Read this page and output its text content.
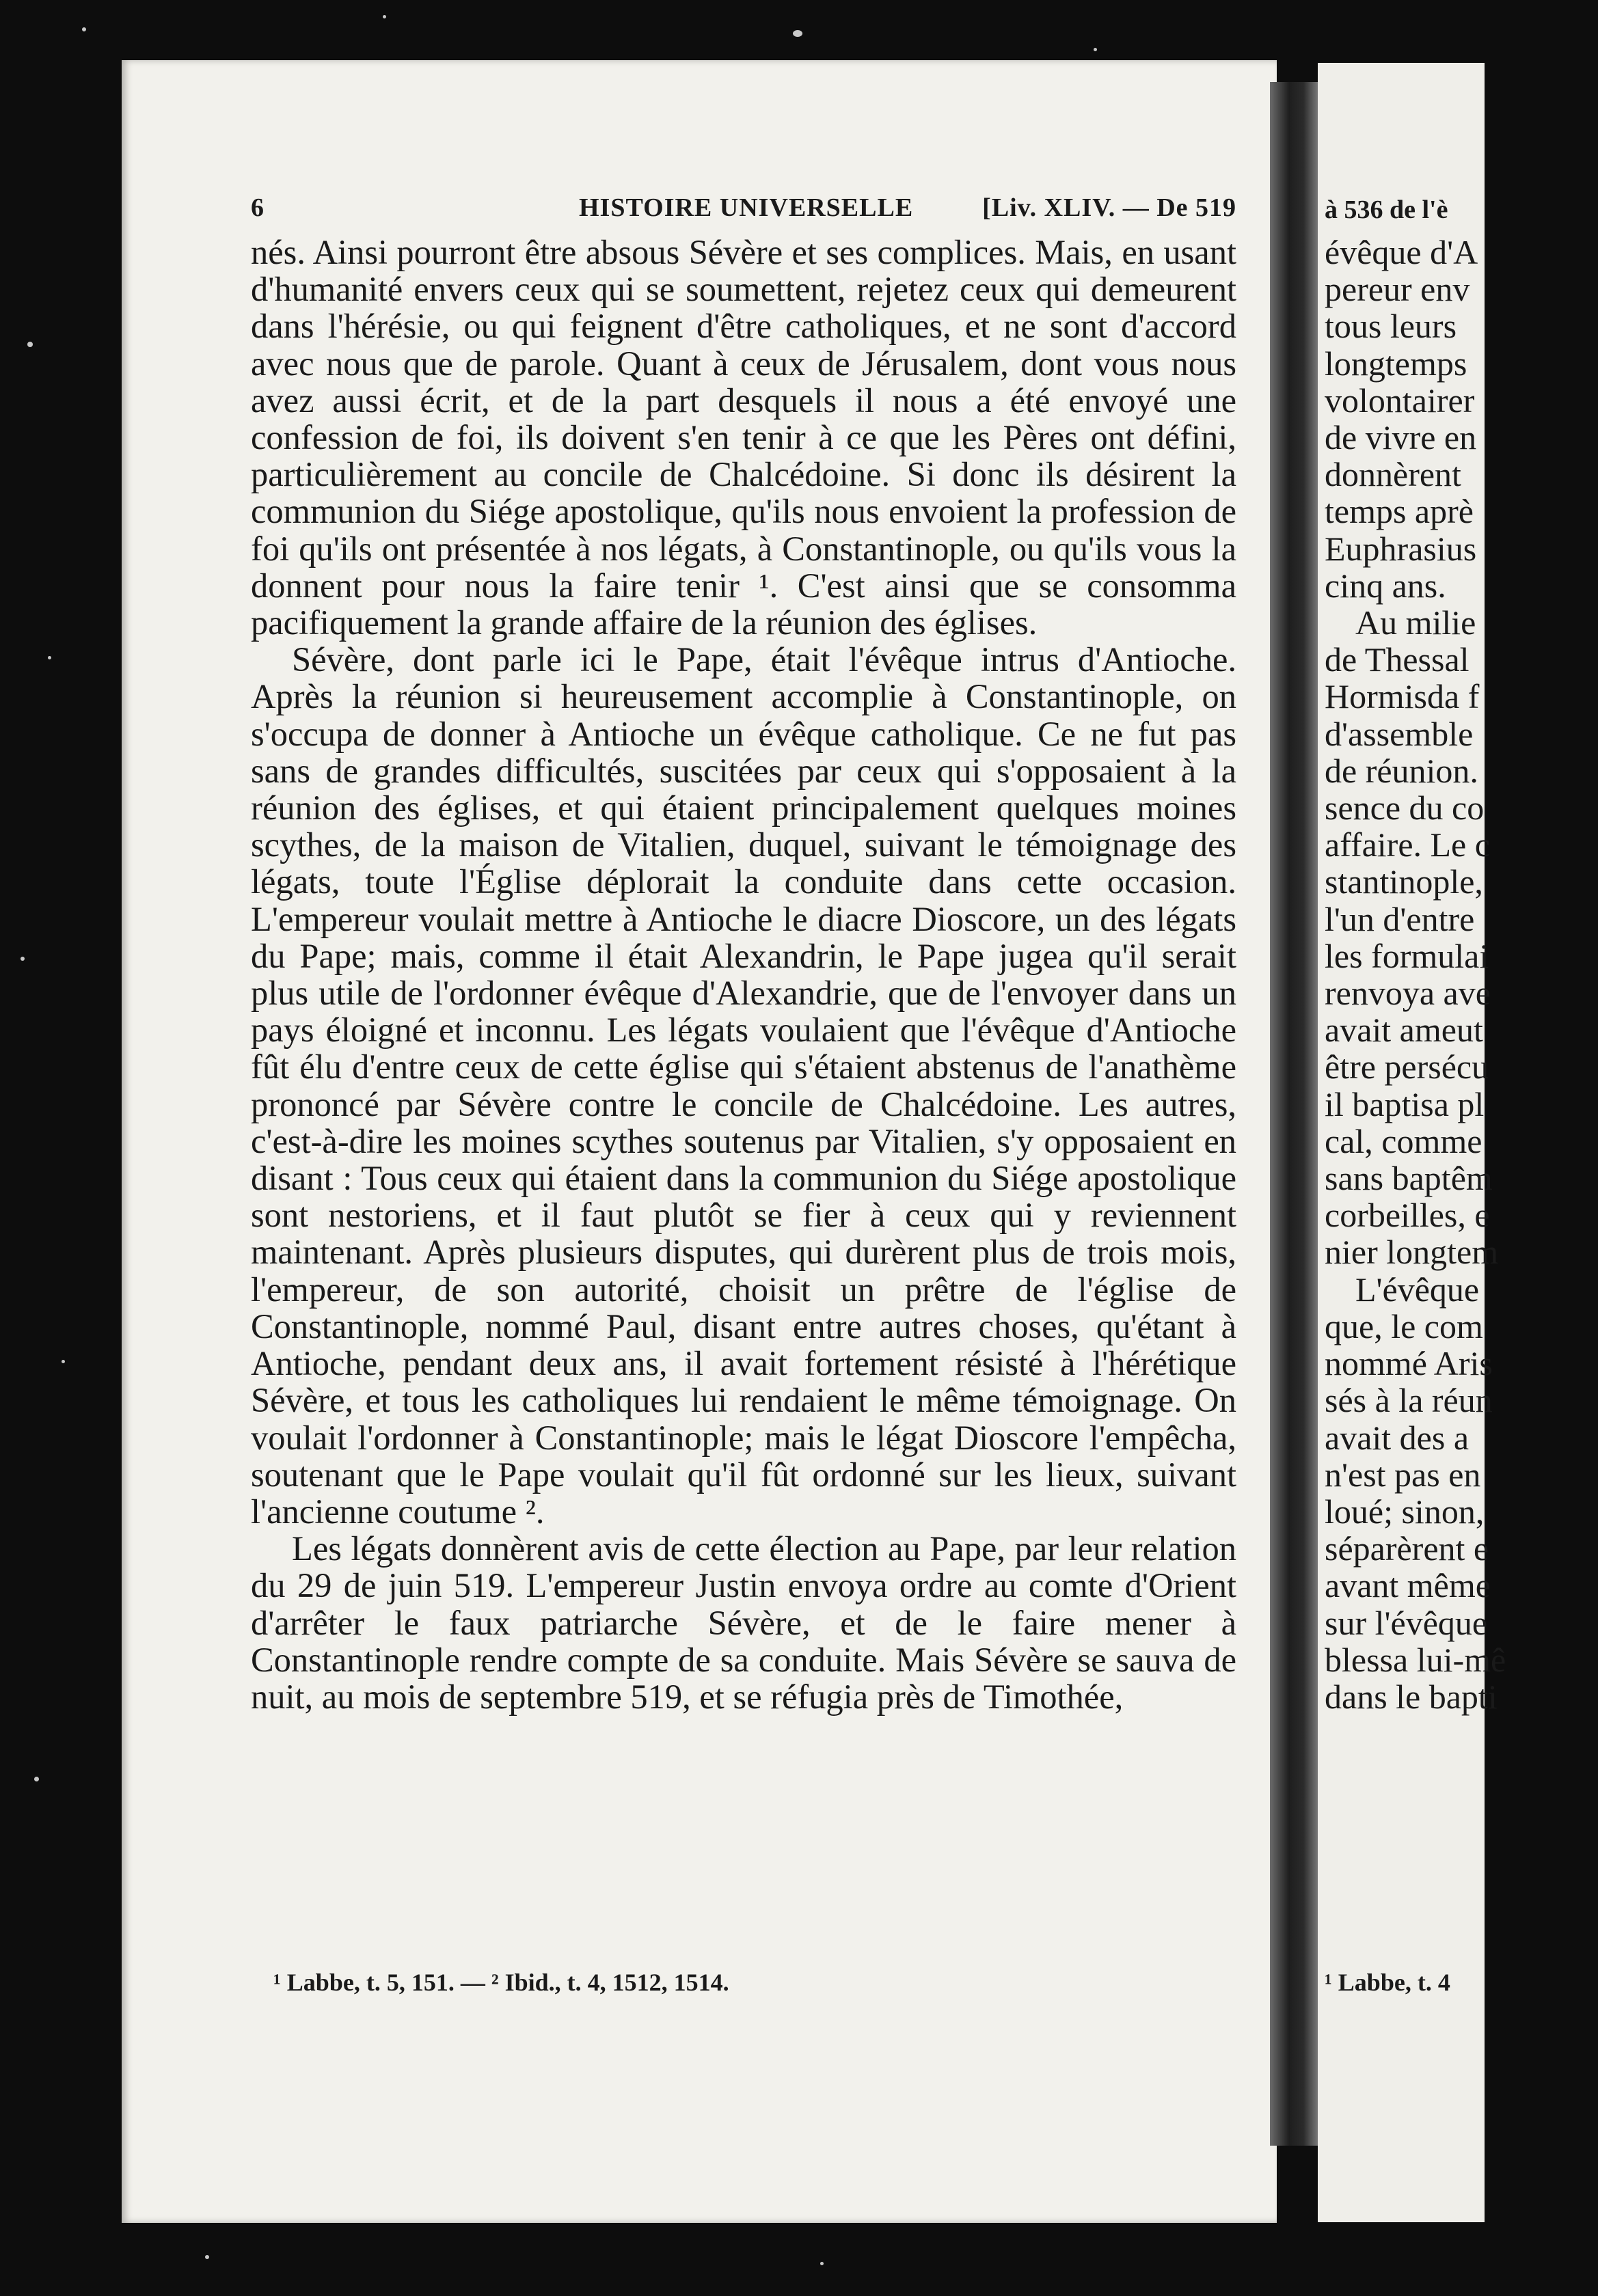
6	HISTOIRE UNIVERSELLE	[Liv. XLIV. — De 519

nés. Ainsi pourront être absous Sévère et ses complices. Mais, en usant d'humanité envers ceux qui se soumettent, rejetez ceux qui demeurent dans l'hérésie, ou qui feignent d'être catholiques, et ne sont d'accord avec nous que de parole. Quant à ceux de Jérusalem, dont vous nous avez aussi écrit, et de la part desquels il nous a été envoyé une confession de foi, ils doivent s'en tenir à ce que les Pères ont défini, particulièrement au concile de Chalcédoine. Si donc ils désirent la communion du Siége apostolique, qu'ils nous envoient la profession de foi qu'ils ont présentée à nos légats, à Constantinople, ou qu'ils vous la donnent pour nous la faire tenir ¹. C'est ainsi que se consomma pacifiquement la grande affaire de la réunion des églises.

Sévère, dont parle ici le Pape, était l'évêque intrus d'Antioche. Après la réunion si heureusement accomplie à Constantinople, on s'occupa de donner à Antioche un évêque catholique. Ce ne fut pas sans de grandes difficultés, suscitées par ceux qui s'opposaient à la réunion des églises, et qui étaient principalement quelques moines scythes, de la maison de Vitalien, duquel, suivant le témoignage des légats, toute l'Église déplorait la conduite dans cette occasion. L'empereur voulait mettre à Antioche le diacre Dioscore, un des légats du Pape; mais, comme il était Alexandrin, le Pape jugea qu'il serait plus utile de l'ordonner évêque d'Alexandrie, que de l'envoyer dans un pays éloigné et inconnu. Les légats voulaient que l'évêque d'Antioche fût élu d'entre ceux de cette église qui s'étaient abstenus de l'anathème prononcé par Sévère contre le concile de Chalcédoine. Les autres, c'est-à-dire les moines scythes soutenus par Vitalien, s'y opposaient en disant : Tous ceux qui étaient dans la communion du Siége apostolique sont nestoriens, et il faut plutôt se fier à ceux qui y reviennent maintenant. Après plusieurs disputes, qui durèrent plus de trois mois, l'empereur, de son autorité, choisit un prêtre de l'église de Constantinople, nommé Paul, disant entre autres choses, qu'étant à Antioche, pendant deux ans, il avait fortement résisté à l'hérétique Sévère, et tous les catholiques lui rendaient le même témoignage. On voulait l'ordonner à Constantinople; mais le légat Dioscore l'empêcha, soutenant que le Pape voulait qu'il fût ordonné sur les lieux, suivant l'ancienne coutume ².

Les légats donnèrent avis de cette élection au Pape, par leur relation du 29 de juin 519. L'empereur Justin envoya ordre au comte d'Orient d'arrêter le faux patriarche Sévère, et de le faire mener à Constantinople rendre compte de sa conduite. Mais Sévère se sauva de nuit, au mois de septembre 519, et se réfugia près de Timothée,

¹ Labbe, t. 5, 151. — ² Ibid., t. 4, 1512, 1514.
à 536 de l'è
évêque d'A
pereur env
tous leurs
longtemps
volontairer
de vivre en
donnèrent
temps aprè
Euphrasius
cinq ans.
Au milie
de Thessal
Hormisda f
d'assemble
de réunion.
sence du co
affaire. Le c
stantinople,
l'un d'entre
les formulai
renvoya ave
avait ameut
être persécu
il baptisa pl
cal, comme
sans baptêm
corbeilles, e
nier longtem
L'évêque
que, le com
nommé Aris
sés à la réun
avait des a
n'est pas en
loué; sinon,
séparèrent e
avant même
sur l'évêque
blessa lui-mê
dans le bapti
¹ Labbe, t. 4
